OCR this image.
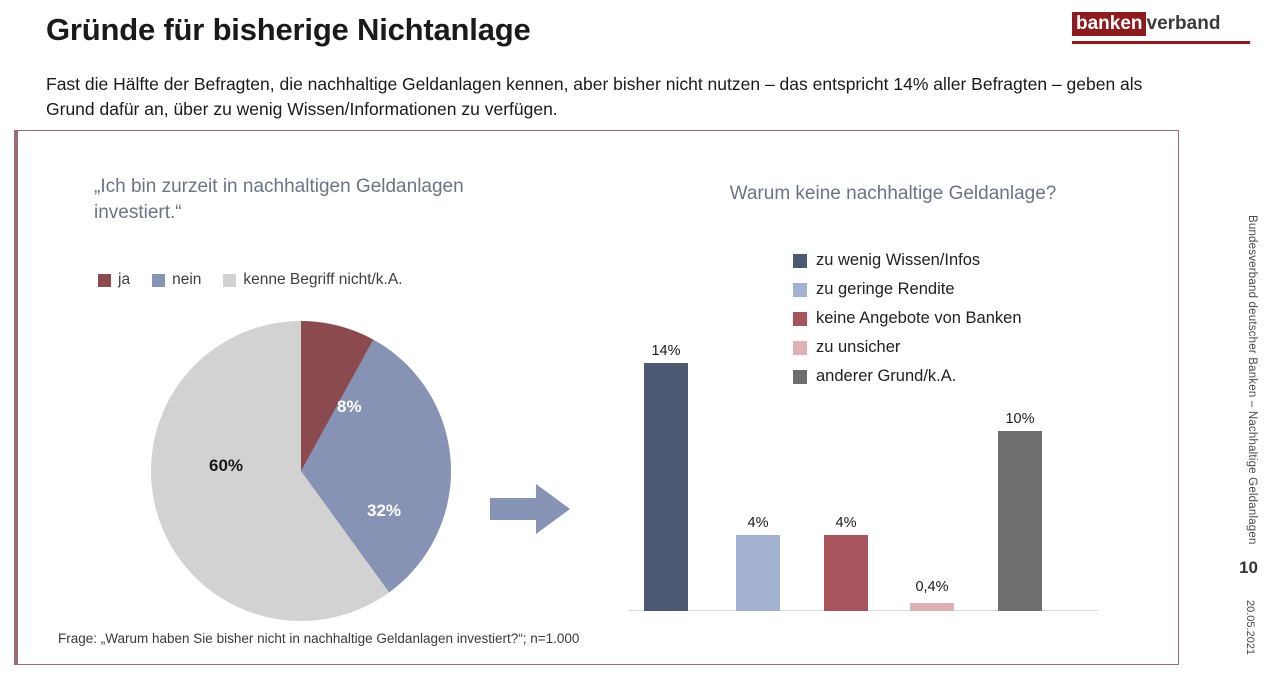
Gründe für bisherige Nichtanlage	banken verband
Fast die Hälfte der Befragten, die nachhaltige Geldanlagen kennen, aber bisher nicht nutzen – das entspricht 14% aller Befragten – geben als Grund dafür an, über zu wenig Wissen/Informationen zu verfügen.
„Ich bin zurzeit in nachhaltigen Geldanlagen investiert.“
ja	nein	kenne Begriff nicht/k.A.
60%
8%
32%
Warum keine nachhaltige Geldanlage?
zu wenig Wissen/Infos
zu geringe Rendite
keine Angebote von Banken
zu unsicher
anderer Grund/k.A.
14%
4%	4%
0,4%
10%
Frage: „Warum haben Sie bisher nicht in nachhaltige Geldanlagen investiert?“; n=1.000
Bundesverband deutscher Banken – Nachhaltige Geldanlagen
10
20.05.2021
